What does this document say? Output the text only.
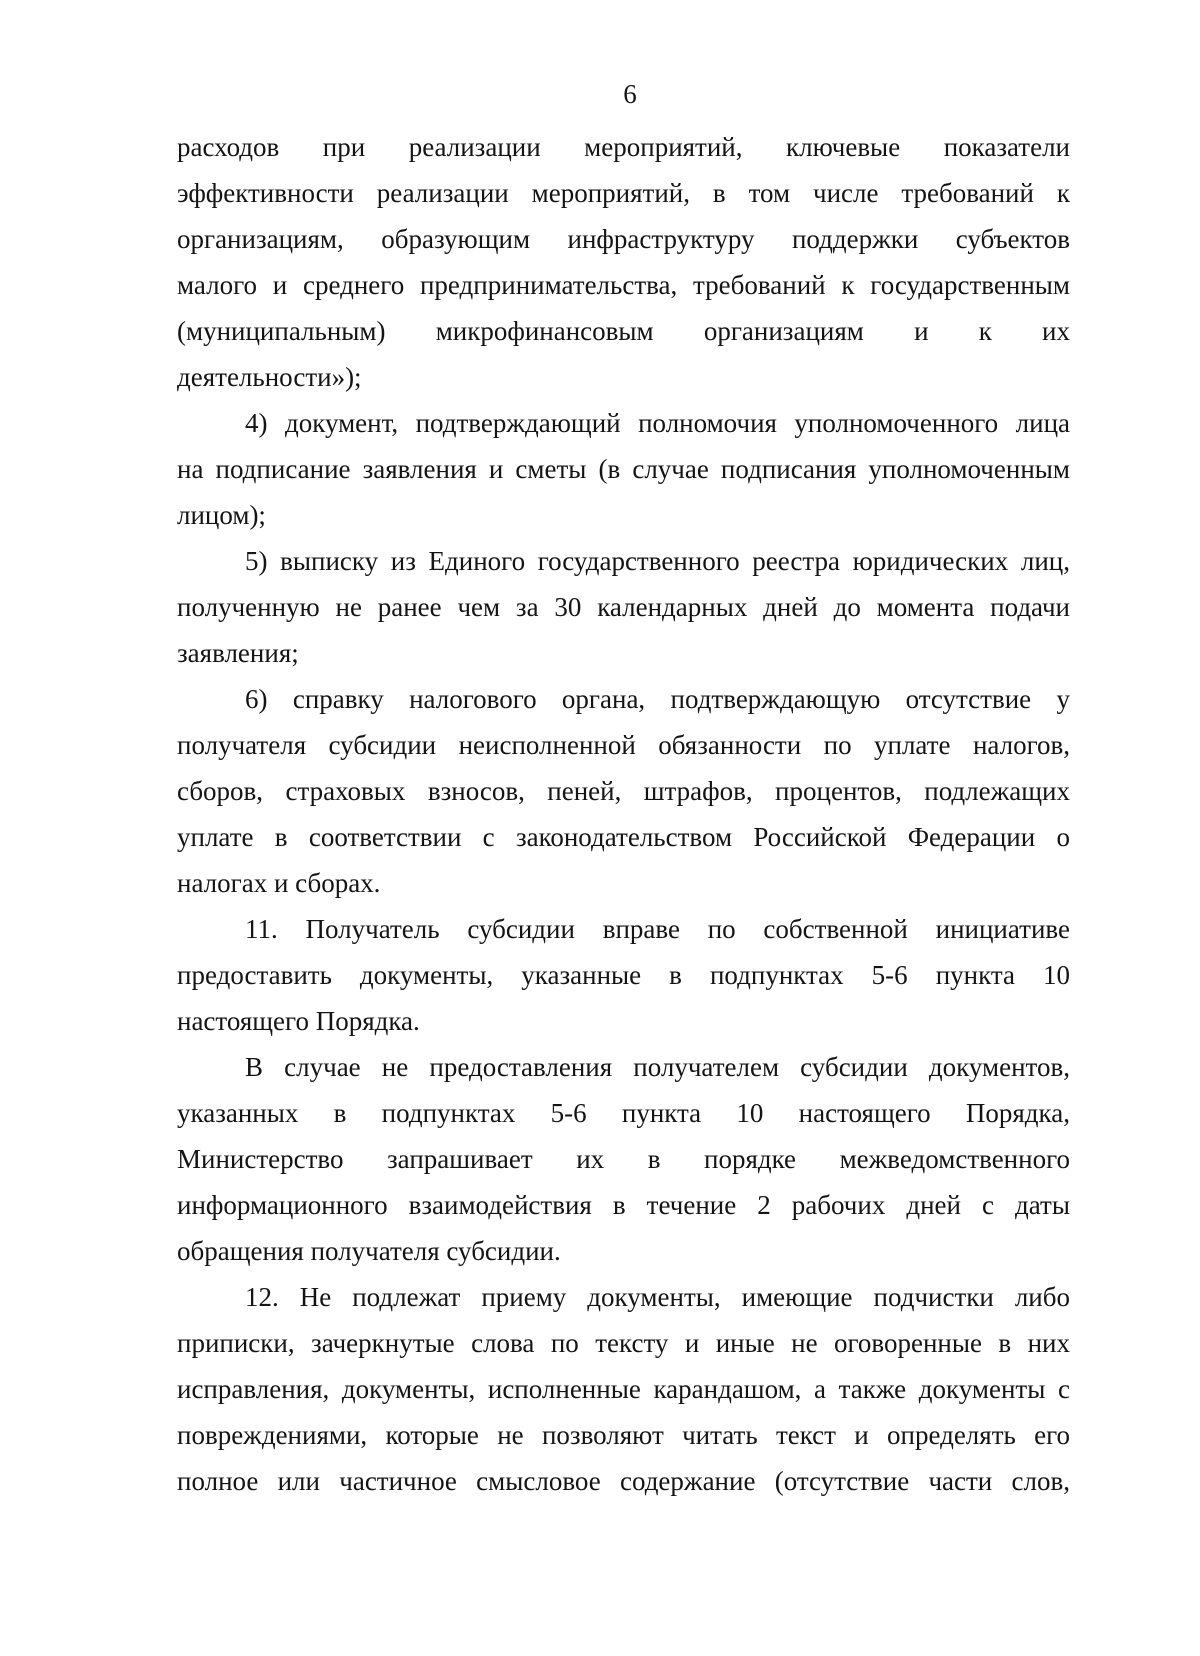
6

расходов при реализации мероприятий, ключевые показатели
эффективности реализации мероприятий, в том числе требований к
организациям, образующим инфраструктуру поддержки субъектов
малого и среднего предпринимательства, требований к государственным
(муниципальным) микрофинансовым организациям и к их
деятельности»);

4) документ, подтверждающий полномочия уполномоченного лица
на подписание заявления и сметы (в случае подписания уполномоченным
лицом);

5) выписку из Единого государственного реестра юридических лиц,
полученную не ранее чем за 30 календарных дней до момента подачи
заявления;

6) справку налогового органа, подтверждающую отсутствие у
получателя субсидии неисполненной обязанности по уплате налогов,
сборов, страховых взносов, пеней, штрафов, процентов, подлежащих
уплате в соответствии с законодательством Российской Федерации о
налогах и сборах.

11. Получатель субсидии вправе по собственной инициативе
предоставить документы, указанные в подпунктах 5-6 пункта 10
настоящего Порядка.

В случае не предоставления получателем субсидии документов,
указанных в подпунктах 5-6 пункта 10 настоящего Порядка,
Министерство запрашивает их в порядке межведомственного
информационного взаимодействия в течение 2 рабочих дней с даты
обращения получателя субсидии.

12. Не подлежат приему документы, имеющие подчистки либо
приписки, зачеркнутые слова по тексту и иные не оговоренные в них
исправления, документы, исполненные карандашом, а также документы с
повреждениями, которые не позволяют читать текст и определять его
полное или частичное смысловое содержание (отсутствие части слов,
